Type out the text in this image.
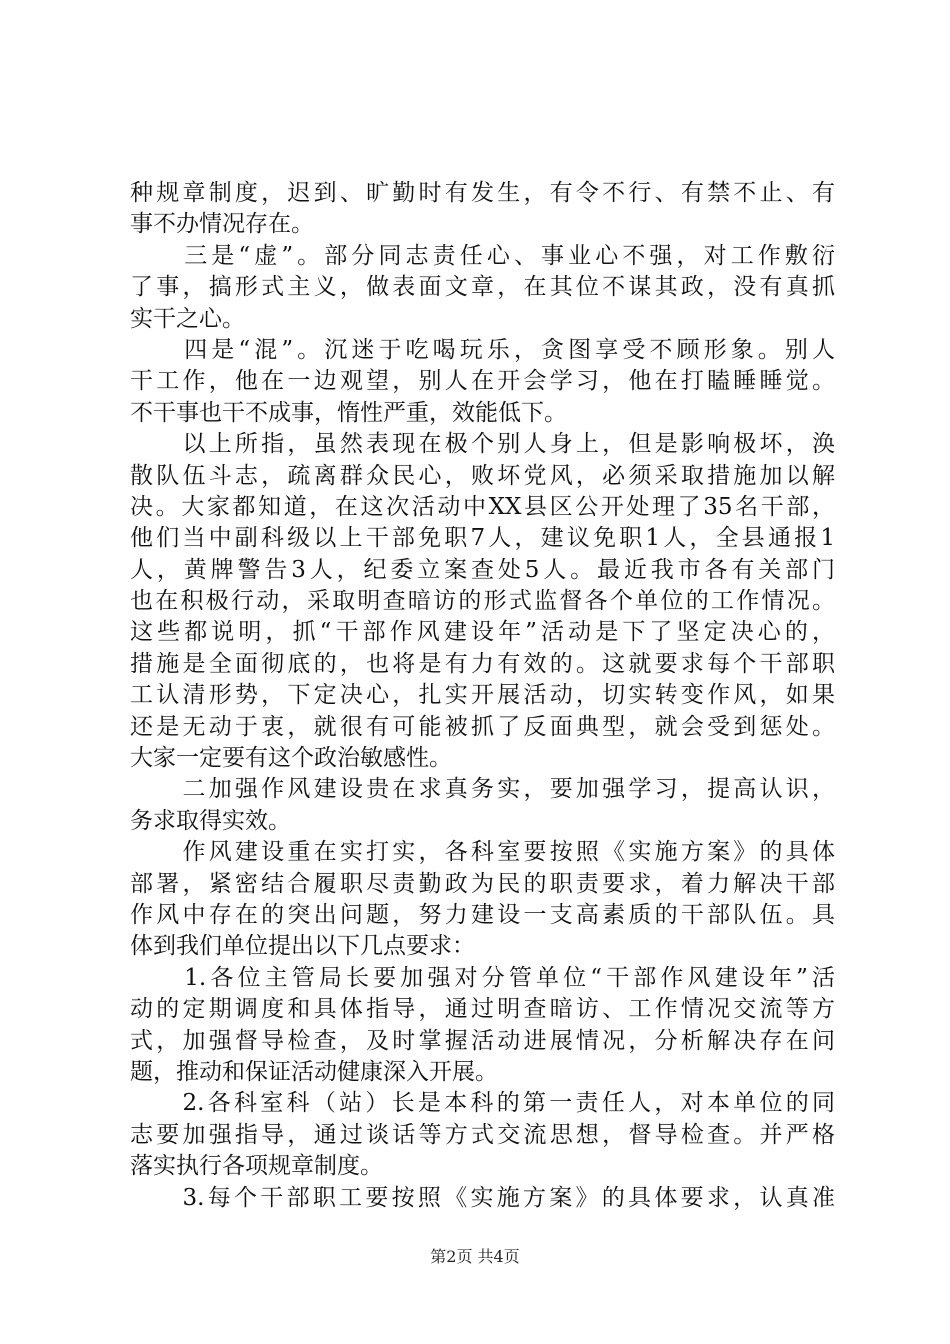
种规章制度，迟到、旷勤时有发生，有令不行、有禁不止、有
事不办情况存在。
　　三是“虚”。部分同志责任心、事业心不强，对工作敷衍
了事，搞形式主义，做表面文章，在其位不谋其政，没有真抓
实干之心。
　　四是“混”。沉迷于吃喝玩乐，贪图享受不顾形象。别人
干工作，他在一边观望，别人在开会学习，他在打瞌睡睡觉。
不干事也干不成事，惰性严重，效能低下。
　　以上所指，虽然表现在极个别人身上，但是影响极坏，涣
散队伍斗志，疏离群众民心，败坏党风，必须采取措施加以解
决。大家都知道，在这次活动中XX县区公开处理了35名干部，
他们当中副科级以上干部免职7人，建议免职1人，全县通报1
人，黄牌警告3人，纪委立案查处5人。最近我市各有关部门
也在积极行动，采取明查暗访的形式监督各个单位的工作情况。
这些都说明，抓“干部作风建设年”活动是下了坚定决心的，
措施是全面彻底的，也将是有力有效的。这就要求每个干部职
工认清形势，下定决心，扎实开展活动，切实转变作风，如果
还是无动于衷，就很有可能被抓了反面典型，就会受到惩处。
大家一定要有这个政治敏感性。
　　二加强作风建设贵在求真务实，要加强学习，提高认识，
务求取得实效。
　　作风建设重在实打实，各科室要按照《实施方案》的具体
部署，紧密结合履职尽责勤政为民的职责要求，着力解决干部
作风中存在的突出问题，努力建设一支高素质的干部队伍。具
体到我们单位提出以下几点要求：
　　1.各位主管局长要加强对分管单位“干部作风建设年”活
动的定期调度和具体指导，通过明查暗访、工作情况交流等方
式，加强督导检查，及时掌握活动进展情况，分析解决存在问
题，推动和保证活动健康深入开展。
　　2.各科室科（站）长是本科的第一责任人，对本单位的同
志要加强指导，通过谈话等方式交流思想，督导检查。并严格
落实执行各项规章制度。
　　3.每个干部职工要按照《实施方案》的具体要求，认真准
第2页 共4页
